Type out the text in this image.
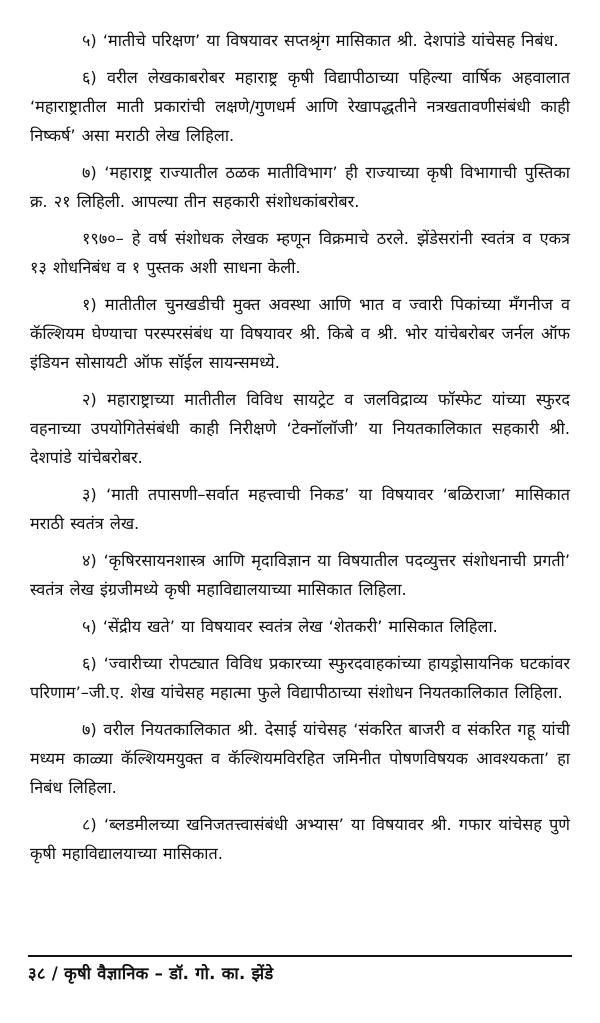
५) ‘मातीचे परिक्षण’ या विषयावर सप्तश्रृंग मासिकात श्री. देशपांडे यांचेसह निबंध.

६) वरील लेखकाबरोबर महाराष्ट्र कृषी विद्यापीठाच्या पहिल्या वार्षिक अहवालात ‘महाराष्ट्रातील माती प्रकारांची लक्षणे/गुणधर्म आणि रेखापद्धतीने नत्रखतावणीसंबंधी काही निष्कर्ष’ असा मराठी लेख लिहिला.

७) ‘महाराष्ट्र राज्यातील ठळक मातीविभाग’ ही राज्याच्या कृषी विभागाची पुस्तिका क्र. २१ लिहिली. आपल्या तीन सहकारी संशोधकांबरोबर.

१९७०– हे वर्ष संशोधक लेखक म्हणून विक्रमाचे ठरले. झेंडेसरांनी स्वतंत्र व एकत्र १३ शोधनिबंध व १ पुस्तक अशी साधना केली.

१) मातीतील चुनखडीची मुक्त अवस्था आणि भात व ज्वारी पिकांच्या मँगनीज व कॅल्शियम घेण्याचा परस्परसंबंध या विषयावर श्री. किबे व श्री. भोर यांचेबरोबर जर्नल ऑफ इंडियन सोसायटी ऑफ सॉईल सायन्समध्ये.

२) महाराष्ट्राच्या मातीतील विविध सायट्रेट व जलविद्राव्य फॉस्फेट यांच्या स्फुरद वहनाच्या उपयोगितेसंबंधी काही निरीक्षणे ‘टेक्नॉलॉजी’ या नियतकालिकात सहकारी श्री. देशपांडे यांचेबरोबर.

३) ‘माती तपासणी–सर्वात महत्त्वाची निकड’ या विषयावर ‘बळिराजा’ मासिकात मराठी स्वतंत्र लेख.

४) ‘कृषिरसायनशास्त्र आणि मृदाविज्ञान या विषयातील पदव्युत्तर संशोधनाची प्रगती’ स्वतंत्र लेख इंग्रजीमध्ये कृषी महाविद्यालयाच्या मासिकात लिहिला.

५) ‘सेंद्रीय खते’ या विषयावर स्वतंत्र लेख ‘शेतकरी’ मासिकात लिहिला.

६) ‘ज्वारीच्या रोपट्यात विविध प्रकारच्या स्फुरदवाहकांच्या हायड्रोसायनिक घटकांवर परिणाम’–जी.ए. शेख यांचेसह महात्मा फुले विद्यापीठाच्या संशोधन नियतकालिकात लिहिला.

७) वरील नियतकालिकात श्री. देसाई यांचेसह ‘संकरित बाजरी व संकरित गहू यांची मध्यम काळ्या कॅल्शियमयुक्त व कॅल्शियमविरहित जमिनीत पोषणविषयक आवश्यकता’ हा निबंध लिहिला.

८) ‘ब्लडमीलच्या खनिजतत्त्वासंबंधी अभ्यास’ या विषयावर श्री. गफार यांचेसह पुणे कृषी महाविद्यालयाच्या मासिकात.

३८ / कृषी वैज्ञानिक – डॉ. गो. का. झेंडे
